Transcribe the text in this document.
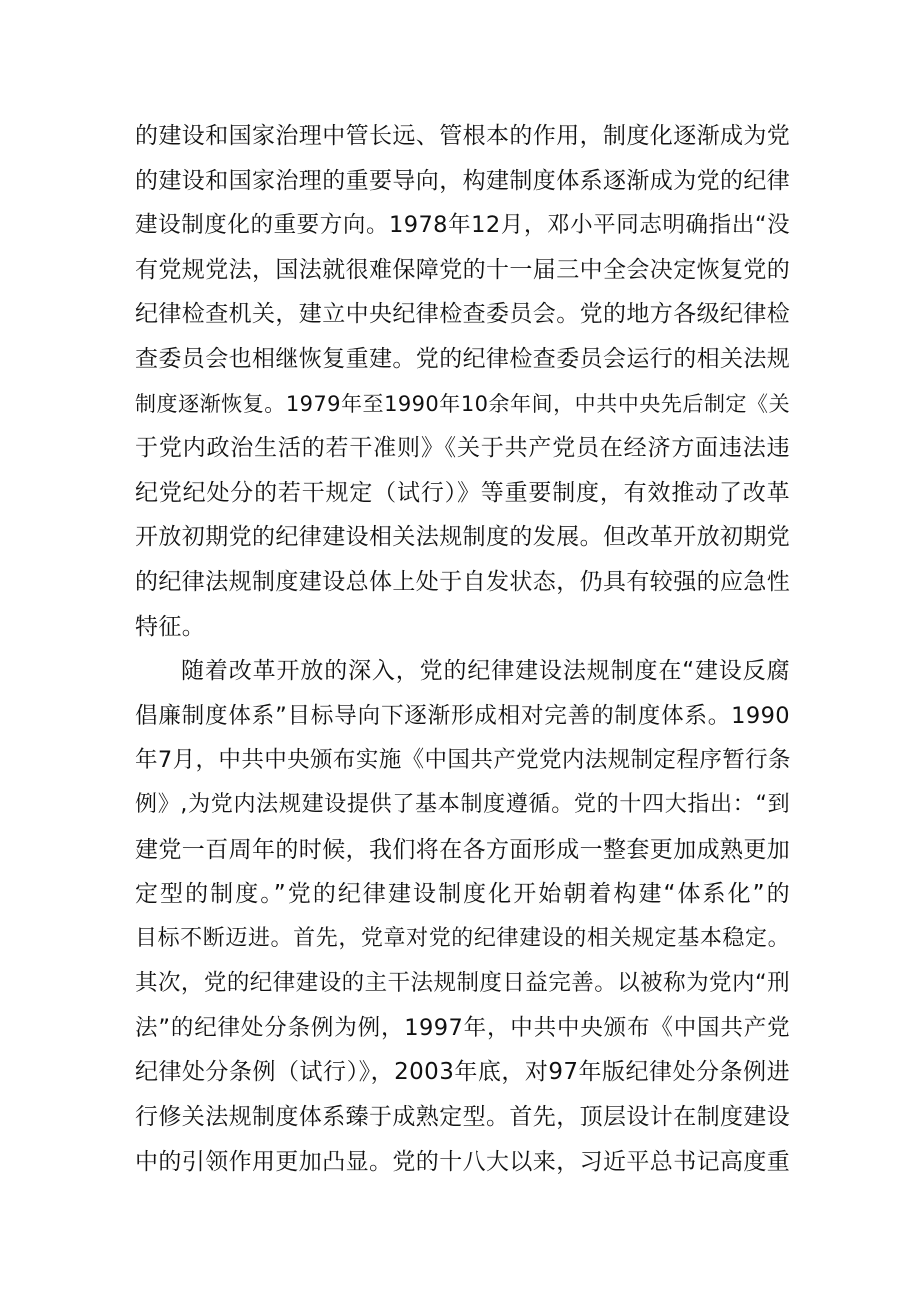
的建设和国家治理中管长远、管根本的作用，制度化逐渐成为党
的建设和国家治理的重要导向，构建制度体系逐渐成为党的纪律
建设制度化的重要方向。1978年12月，邓小平同志明确指出“没
有党规党法，国法就很难保障党的十一届三中全会决定恢复党的
纪律检查机关，建立中央纪律检查委员会。党的地方各级纪律检
查委员会也相继恢复重建。党的纪律检查委员会运行的相关法规
制度逐渐恢复。1979年至1990年10余年间，中共中央先后制定《关
于党内政治生活的若干准则》《关于共产党员在经济方面违法违
纪党纪处分的若干规定（试行）》等重要制度，有效推动了改革
开放初期党的纪律建设相关法规制度的发展。但改革开放初期党
的纪律法规制度建设总体上处于自发状态，仍具有较强的应急性
特征。
随着改革开放的深入，党的纪律建设法规制度在“建设反腐
倡廉制度体系”目标导向下逐渐形成相对完善的制度体系。1990
年7月，中共中央颁布实施《中国共产党党内法规制定程序暂行条
例》,为党内法规建设提供了基本制度遵循。党的十四大指出：“到
建党一百周年的时候，我们将在各方面形成一整套更加成熟更加
定型的制度。”党的纪律建设制度化开始朝着构建“体系化”的
目标不断迈进。首先，党章对党的纪律建设的相关规定基本稳定。
其次，党的纪律建设的主干法规制度日益完善。以被称为党内“刑
法”的纪律处分条例为例，1997年，中共中央颁布《中国共产党
纪律处分条例（试行）》，2003年底，对97年版纪律处分条例进
行修关法规制度体系臻于成熟定型。首先，顶层设计在制度建设
中的引领作用更加凸显。党的十八大以来，习近平总书记高度重
